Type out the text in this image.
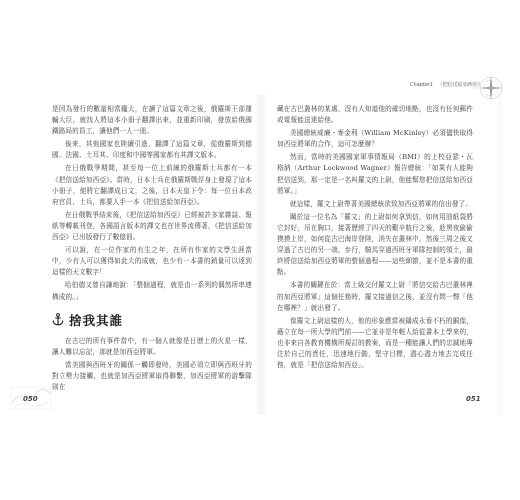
Chapter1 《把信送給加西亞》

是因為發行的數量相當龐大，在讀了這篇文章之後，俄羅斯王部運輸大臣，就找人將這本小冊子翻譯出來，並重新印刷，發放給俄國鐵路局的員工，讓他們一人一冊。

後來，其他國家也陸續引進、翻譯了這篇文章，從俄羅斯到德國、法國、土耳其、印度和中國等國家都有其譯文版本。

在日俄戰爭期間，甚至每一位上前線的俄羅斯士兵都有一本《把信送給加西亞》。當時，日本士兵在俄羅斯戰俘身上發現了這本小冊子，便將它翻譯成日文，之後，日本天皇下令：每一位日本政府官員、士兵，都要人手一本《把信送給加西亞》。

在日俄戰爭結束後，《把信送給加西亞》已經被許多家雜誌、報紙等轉載刊登，各國語言版本的譯文也在世界流傳著，《把信送給加西亞》已出版發行了數億冊。

可以說，在一位作家的有生之年，在所有作家的文學生涯當中，少有人可以獲得如此大的成就，也少有一本書的銷量可以達到這樣的天文數字！

哈伯德又曾自謙地說：「整個過程，就是由一系列的偶然所串連構成的。」

捨我其誰

在古巴的所有事件當中，有一個人就像是日曆上的火星一樣，讓人難以忘記，那就是加西亞將軍。

當美國與西班牙的關係一觸即發時，美國必須立即與西班牙的對立勢力接觸，也就是加西亞將軍取得聯繫，加西亞將軍的游擊隊則在

藏在古巴叢林的某處，沒有人知道他的確切地點，也沒有任何郵件或電報能送達給他。

美國總統威廉・麥金利（William McKinley）必須儘快取得加西亞將軍的合作，這可怎麼辦？

然而，當時的美國國家軍事情報局（BMI）的上校亞瑟・瓦格納（Arthur Lockwood Wagner）報告總統：「如果有人能夠把信送到，那一定是一名叫羅文的上尉，他能幫您把信送給加西亞將軍。」

就這樣，羅文上尉帶著美國總統欲致加西亞將軍的信出發了。

關於這一位名為「羅文」的上尉如何拿到信，如何用油紙袋將它封好，吊在胸口，接著歷經了四天的艱辛航行之後，趁黑夜偷偷摸摸上岸，如何從古巴海岸登陸，消失在叢林中，然後三周之後又穿過了古巴的另一端，步行，騎馬穿過西班牙軍隊控制的領土，最終將信送給加西亞將軍的整個過程——這些細節，並不是本書的重點。

本書的關鍵在於：當上級交付羅文上尉「將信交給古巴叢林裡的加西亞將軍」這個任務時，羅文接過信之後，並沒有問一聲「他在哪裡？」就出發了。

像羅文上尉這樣的人，他的形象應當被鑄成永垂不朽的銅像，矗立在每一所大學的門前——它並非是年輕人給從書本上學來的，也非來自各教育機構所規訂的教案，而是一種能讓人們的忠誠地專注於自己的責任，迅速地行動，堅守目標，盡心盡力地去完成任務，就是「把信送給加西亞」。

050	051
